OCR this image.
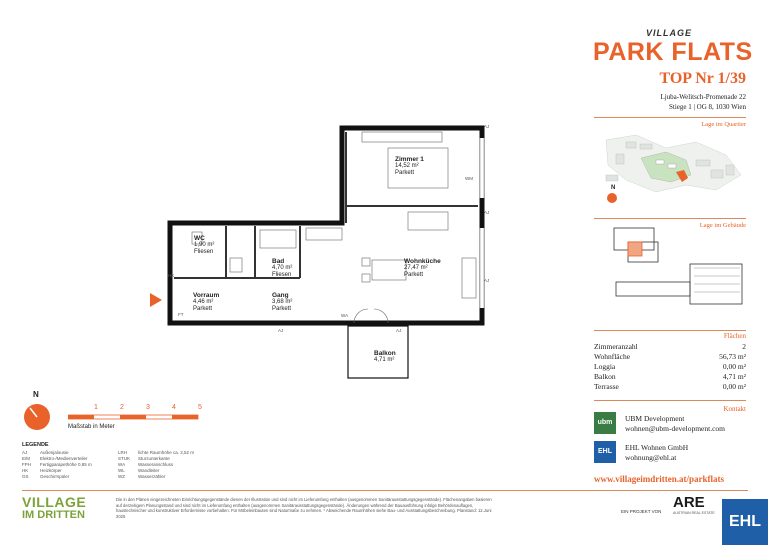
VILLAGE
PARK FLATS
TOP Nr 1/39
Ljuba-Welitsch-Promenade 22
Stiege 1 | OG 8, 1030 Wien
Lage im Quartier
N
Lage im Gebäude
Flächen
Zimmeranzahl	2
Wohnfläche	56,73 m²
Loggia	0,00 m²
Balkon	4,71 m²
Terrasse	0,00 m²
Kontakt
ubm	UBM Development
wohnen@ubm-development.com
EHL	EHL Wohnen GmbH
wohnung@ehl.at
www.villageimdritten.at/parkflats
Zimmer 1
14,52 m²
Parkett
WC
1,90 m²
Fliesen
Bad
4,70 m²
Fliesen
Wohnküche
27,47 m²
Parkett
Vorraum
4,46 m²
Parkett
Gang
3,68 m²
Parkett
Balkon
4,71 m²
AJ
AJ
AJ
AJ	AJ
WM
WA
FT
HK
N
1	2	3	4	5
Maßstab in Meter
LEGENDE
AJ	Außenjalousie
E/M Elektro-/Medienverteiler
FPH Fertigparapethöhe 0,85 m
HK	Heizkörper
GS	Geschirrspüler
LRH lichte Raumhöhe ca. 2,52 m
STUK Sturzunterkante
WA	Wasseranschluss
WL	Wandleiter
WZ	Wasserzähler
VILLAGE
IM DRITTEN
Die in den Plänen eingezeichneten Einrichtungsgegenstände dienen der Illustration und sind nicht im Lieferumfang enthalten (ausgenommen Sanitärausstattungsgegenstände). Flächenangaben basieren auf derzeitigem Planungsstand und sind nicht im Lieferumfang enthalten (ausgenommen Sanitärausstattungsgegenstände). Änderungen während der Bauausführung infolge Behördenauflagen, haustechnischer und konstruktiver Erfordernisse vorbehalten. Für Möbeleinbauten sind Naturmaße zu nehmen. * Abweichende Raumhöhen siehe Bau- und Ausstattungsbeschreibung. Planstand: 12.Juni 2025
EIN PROJEKT VON
ARE
AUSTRIAN REAL ESTATE EHL
